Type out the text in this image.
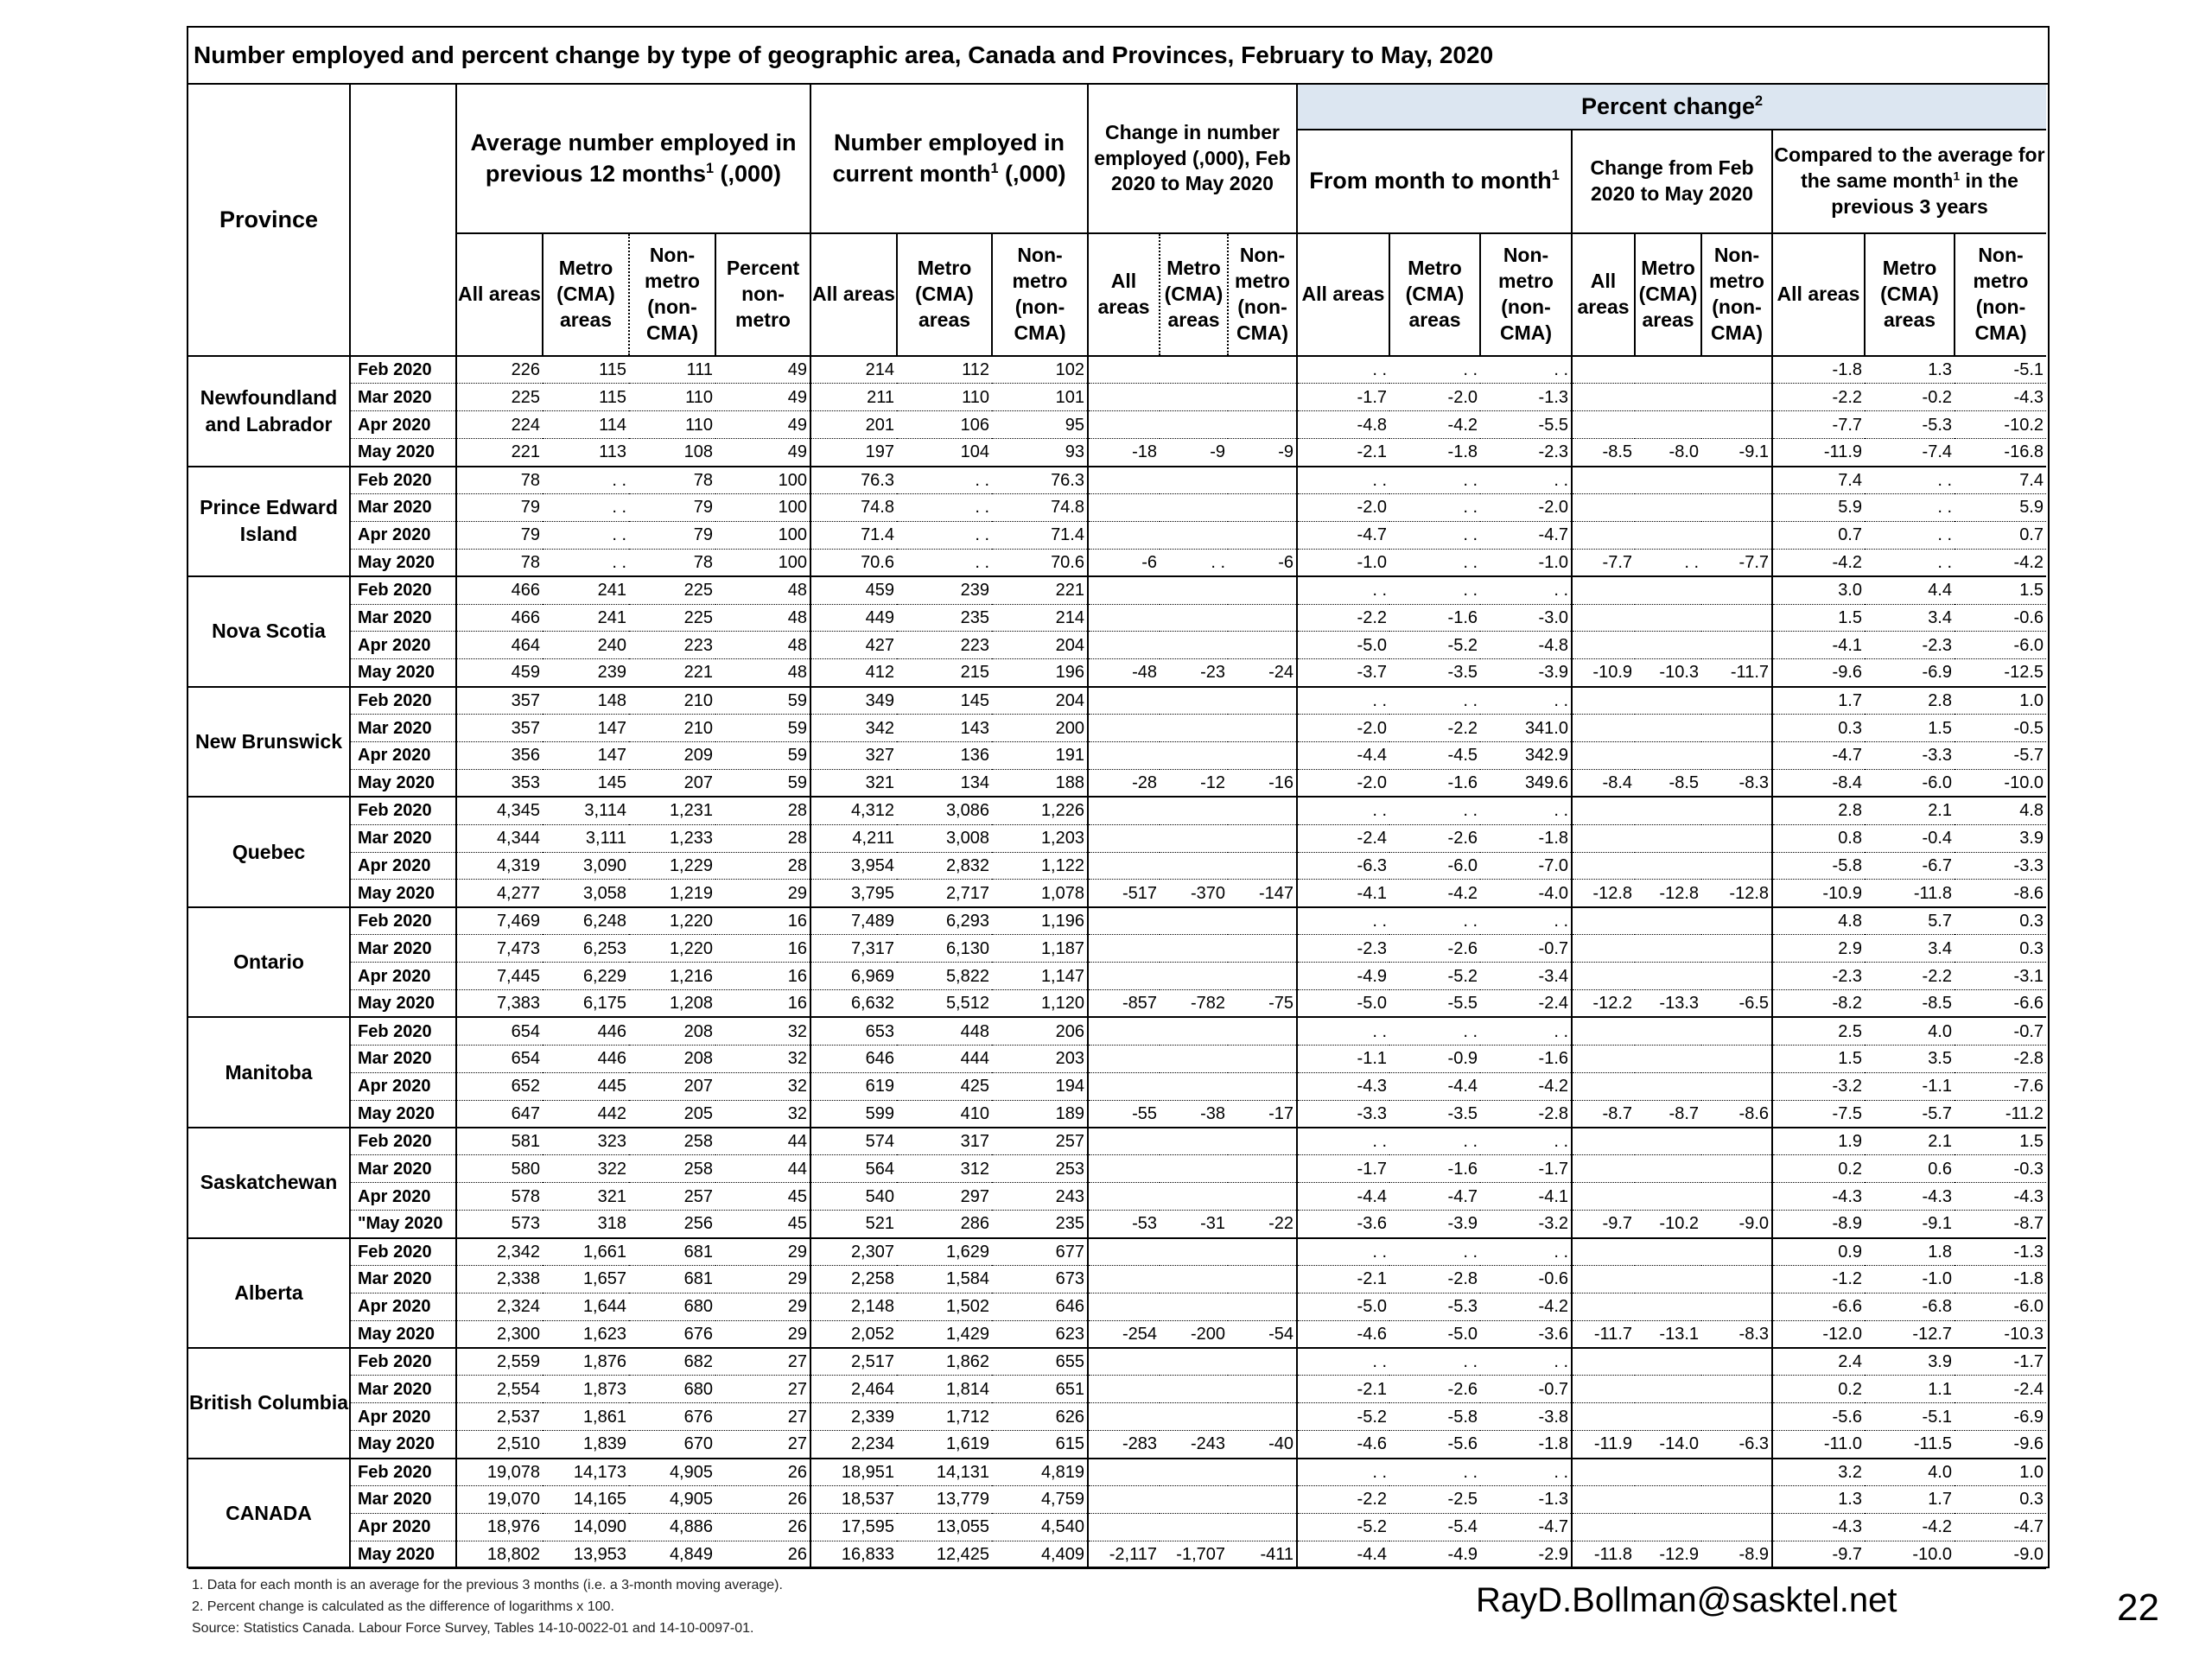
Number employed and percent change by type of geographic area, Canada and Provinces, February to May, 2020
Province		Average number employed in previous 12 months$^1$ (,000)				Number employed in current month$^1$ (,000)			Change in number employed (,000), Feb 2020 to May 2020			Percent change$^2$
												From month to month$^1$			Change from Feb 2020 to May 2020			Compared to the average for the same month$^1$ in the previous 3 years		
		All areas	Metro (CMA) areas	Non-metro (non-CMA)	Percent non-metro	All areas	Metro (CMA) areas	Non-metro (non-CMA)	All areas	Metro (CMA) areas	Non-metro (non-CMA)	All areas	Metro (CMA) areas	Non-metro (non-CMA)	All areas	Metro (CMA) areas	Non-metro (non-CMA)	All areas	Metro (CMA) areas	Non-metro (non-CMA)
Newfoundland and Labrador	Feb 2020	226	115	111	49	214	112	102				. .	. .	. .				-1.8	1.3	-5.1
	Mar 2020	225	115	110	49	211	110	101				-1.7	-2.0	-1.3				-2.2	-0.2	-4.3
	Apr 2020	224	114	110	49	201	106	95				-4.8	-4.2	-5.5				-7.7	-5.3	-10.2
	May 2020	221	113	108	49	197	104	93	-18	-9	-9	-2.1	-1.8	-2.3	-8.5	-8.0	-9.1	-11.9	-7.4	-16.8
Prince Edward Island	Feb 2020	78	. .	78	100	76.3	. .	76.3				. .	. .	. .				7.4	. .	7.4
	Mar 2020	79	. .	79	100	74.8	. .	74.8				-2.0	. .	-2.0				5.9	. .	5.9
	Apr 2020	79	. .	79	100	71.4	. .	71.4				-4.7	. .	-4.7				0.7	. .	0.7
	May 2020	78	. .	78	100	70.6	. .	70.6	-6	. .	-6	-1.0	. .	-1.0	-7.7	. .	-7.7	-4.2	. .	-4.2
Nova Scotia	Feb 2020	466	241	225	48	459	239	221				. .	. .	. .				3.0	4.4	1.5
	Mar 2020	466	241	225	48	449	235	214				-2.2	-1.6	-3.0				1.5	3.4	-0.6
	Apr 2020	464	240	223	48	427	223	204				-5.0	-5.2	-4.8				-4.1	-2.3	-6.0
	May 2020	459	239	221	48	412	215	196	-48	-23	-24	-3.7	-3.5	-3.9	-10.9	-10.3	-11.7	-9.6	-6.9	-12.5
New Brunswick	Feb 2020	357	148	210	59	349	145	204				. .	. .	. .				1.7	2.8	1.0
	Mar 2020	357	147	210	59	342	143	200				-2.0	-2.2	341.0				0.3	1.5	-0.5
	Apr 2020	356	147	209	59	327	136	191				-4.4	-4.5	342.9				-4.7	-3.3	-5.7
	May 2020	353	145	207	59	321	134	188	-28	-12	-16	-2.0	-1.6	349.6	-8.4	-8.5	-8.3	-8.4	-6.0	-10.0
Quebec	Feb 2020	4,345	3,114	1,231	28	4,312	3,086	1,226				. .	. .	. .				2.8	2.1	4.8
	Mar 2020	4,344	3,111	1,233	28	4,211	3,008	1,203				-2.4	-2.6	-1.8				0.8	-0.4	3.9
	Apr 2020	4,319	3,090	1,229	28	3,954	2,832	1,122				-6.3	-6.0	-7.0				-5.8	-6.7	-3.3
	May 2020	4,277	3,058	1,219	29	3,795	2,717	1,078	-517	-370	-147	-4.1	-4.2	-4.0	-12.8	-12.8	-12.8	-10.9	-11.8	-8.6
Ontario	Feb 2020	7,469	6,248	1,220	16	7,489	6,293	1,196				. .	. .	. .				4.8	5.7	0.3
	Mar 2020	7,473	6,253	1,220	16	7,317	6,130	1,187				-2.3	-2.6	-0.7				2.9	3.4	0.3
	Apr 2020	7,445	6,229	1,216	16	6,969	5,822	1,147				-4.9	-5.2	-3.4				-2.3	-2.2	-3.1
	May 2020	7,383	6,175	1,208	16	6,632	5,512	1,120	-857	-782	-75	-5.0	-5.5	-2.4	-12.2	-13.3	-6.5	-8.2	-8.5	-6.6
Manitoba	Feb 2020	654	446	208	32	653	448	206				. .	. .	. .				2.5	4.0	-0.7
	Mar 2020	654	446	208	32	646	444	203				-1.1	-0.9	-1.6				1.5	3.5	-2.8
	Apr 2020	652	445	207	32	619	425	194				-4.3	-4.4	-4.2				-3.2	-1.1	-7.6
	May 2020	647	442	205	32	599	410	189	-55	-38	-17	-3.3	-3.5	-2.8	-8.7	-8.7	-8.6	-7.5	-5.7	-11.2
Saskatchewan	Feb 2020	581	323	258	44	574	317	257				. .	. .	. .				1.9	2.1	1.5
	Mar 2020	580	322	258	44	564	312	253				-1.7	-1.6	-1.7				0.2	0.6	-0.3
	Apr 2020	578	321	257	45	540	297	243				-4.4	-4.7	-4.1				-4.3	-4.3	-4.3
	"May 2020	573	318	256	45	521	286	235	-53	-31	-22	-3.6	-3.9	-3.2	-9.7	-10.2	-9.0	-8.9	-9.1	-8.7
Alberta	Feb 2020	2,342	1,661	681	29	2,307	1,629	677				. .	. .	. .				0.9	1.8	-1.3
	Mar 2020	2,338	1,657	681	29	2,258	1,584	673				-2.1	-2.8	-0.6				-1.2	-1.0	-1.8
	Apr 2020	2,324	1,644	680	29	2,148	1,502	646				-5.0	-5.3	-4.2				-6.6	-6.8	-6.0
	May 2020	2,300	1,623	676	29	2,052	1,429	623	-254	-200	-54	-4.6	-5.0	-3.6	-11.7	-13.1	-8.3	-12.0	-12.7	-10.3
British Columbia	Feb 2020	2,559	1,876	682	27	2,517	1,862	655				. .	. .	. .				2.4	3.9	-1.7
	Mar 2020	2,554	1,873	680	27	2,464	1,814	651				-2.1	-2.6	-0.7				0.2	1.1	-2.4
	Apr 2020	2,537	1,861	676	27	2,339	1,712	626				-5.2	-5.8	-3.8				-5.6	-5.1	-6.9
	May 2020	2,510	1,839	670	27	2,234	1,619	615	-283	-243	-40	-4.6	-5.6	-1.8	-11.9	-14.0	-6.3	-11.0	-11.5	-9.6
CANADA	Feb 2020	19,078	14,173	4,905	26	18,951	14,131	4,819				. .	. .	. .				3.2	4.0	1.0
	Mar 2020	19,070	14,165	4,905	26	18,537	13,779	4,759				-2.2	-2.5	-1.3				1.3	1.7	0.3
	Apr 2020	18,976	14,090	4,886	26	17,595	13,055	4,540				-5.2	-5.4	-4.7				-4.3	-4.2	-4.7
	May 2020	18,802	13,953	4,849	26	16,833	12,425	4,409	-2,117	-1,707	-411	-4.4	-4.9	-2.9	-11.8	-12.9	-8.9	-9.7	-10.0	-9.0
1. Data for each month is an average for the previous 3 months (i.e. a 3-month moving average).
2. Percent change is calculated as the difference of logarithms x 100.
Source: Statistics Canada. Labour Force Survey, Tables 14-10-0022-01 and 14-10-0097-01.
RayD.Bollman@sasktel.net	22
